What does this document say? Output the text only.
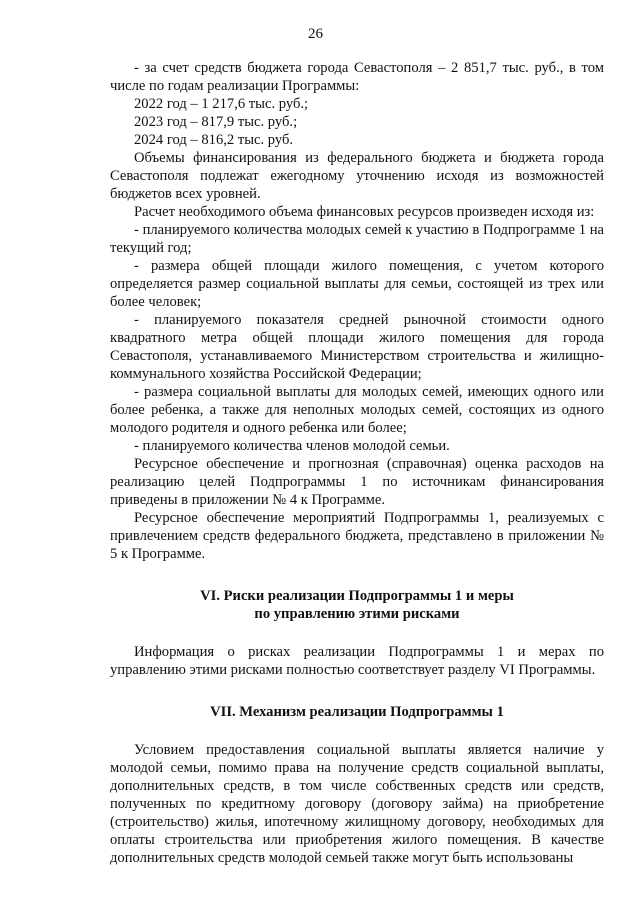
26

- за счет средств бюджета города Севастополя – 2 851,7 тыс. руб., в том числе по годам реализации Программы:

2022 год – 1 217,6 тыс. руб.;

2023 год – 817,9 тыс. руб.;

2024 год – 816,2 тыс. руб.

Объемы финансирования из федерального бюджета и бюджета города Севастополя подлежат ежегодному уточнению исходя из возможностей бюджетов всех уровней.

Расчет необходимого объема финансовых ресурсов произведен исходя из:

- планируемого количества молодых семей к участию в Подпрограмме 1 на текущий год;

- размера общей площади жилого помещения, с учетом которого определяется размер социальной выплаты для семьи, состоящей из трех или более человек;

- планируемого показателя средней рыночной стоимости одного квадратного метра общей площади жилого помещения для города Севастополя, устанавливаемого Министерством строительства и жилищно-коммунального хозяйства Российской Федерации;

- размера социальной выплаты для молодых семей, имеющих одного или более ребенка, а также для неполных молодых семей, состоящих из одного молодого родителя и одного ребенка или более;

- планируемого количества членов молодой семьи.

Ресурсное обеспечение и прогнозная (справочная) оценка расходов на реализацию целей Подпрограммы 1 по источникам финансирования приведены в приложении № 4 к Программе.

Ресурсное обеспечение мероприятий Подпрограммы 1, реализуемых с привлечением средств федерального бюджета, представлено в приложении № 5 к Программе.

VI. Риски реализации Подпрограммы 1 и меры

по управлению этими рисками

Информация о рисках реализации Подпрограммы 1 и мерах по управлению этими рисками полностью соответствует разделу VI Программы.

VII. Механизм реализации Подпрограммы 1

Условием предоставления социальной выплаты является наличие у молодой семьи, помимо права на получение средств социальной выплаты, дополнительных средств, в том числе собственных средств или средств, полученных по кредитному договору (договору займа) на приобретение (строительство) жилья, ипотечному жилищному договору, необходимых для оплаты строительства или приобретения жилого помещения. В качестве дополнительных средств молодой семьей также могут быть использованы
